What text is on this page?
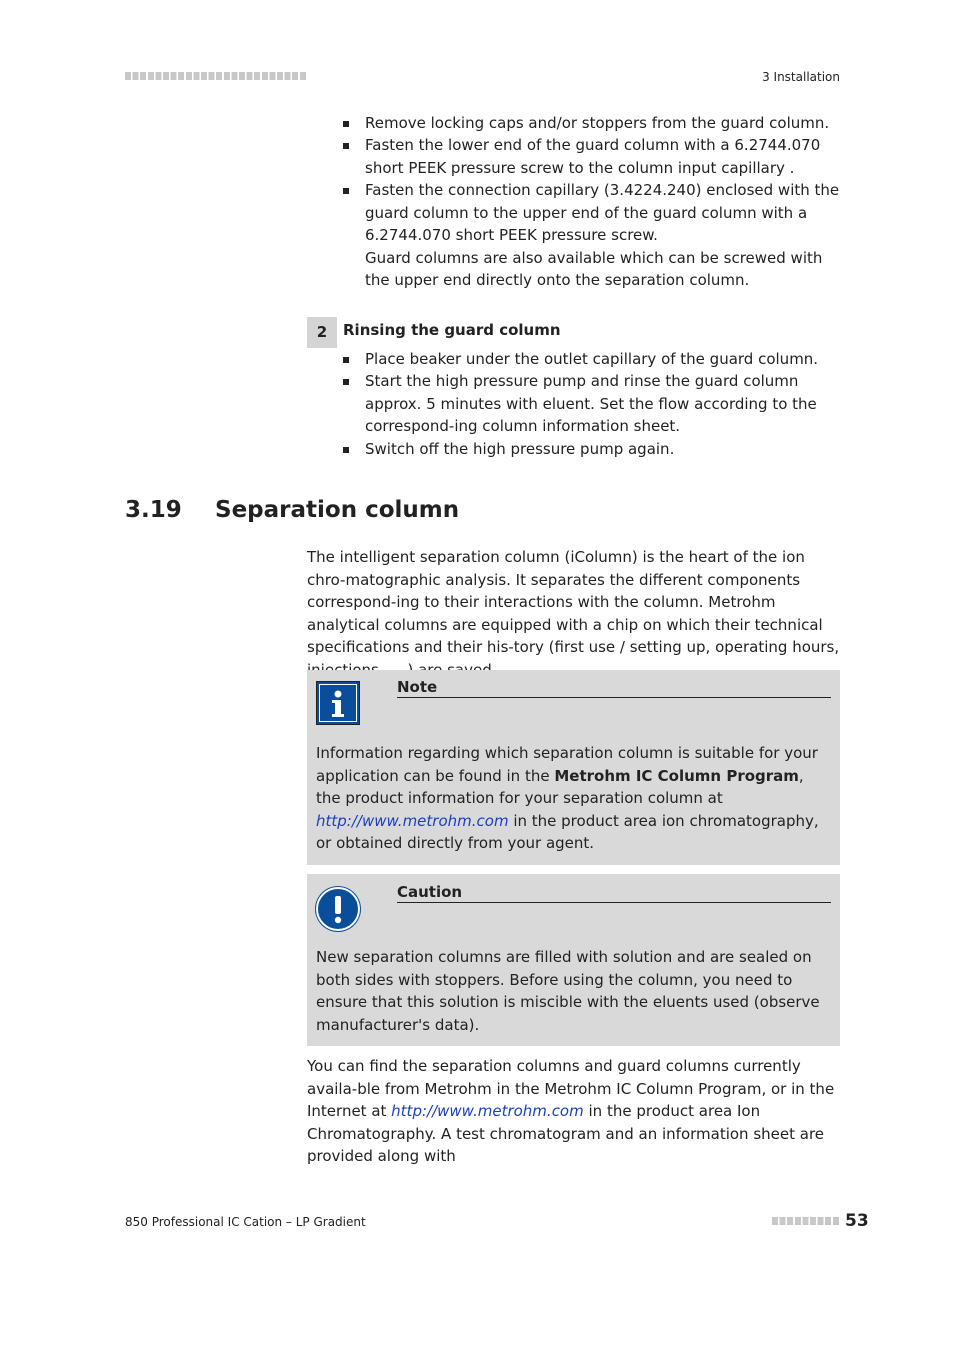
3 Installation
Remove locking caps and/or stoppers from the guard column.
Fasten the lower end of the guard column with a 6.2744.070 short PEEK pressure screw to the column input capillary .
Fasten the connection capillary (3.4224.240) enclosed with the guard column to the upper end of the guard column with a 6.2744.070 short PEEK pressure screw.
Guard columns are also available which can be screwed with the upper end directly onto the separation column.
2	Rinsing the guard column
Place beaker under the outlet capillary of the guard column.
Start the high pressure pump and rinse the guard column approx. 5 minutes with eluent. Set the flow according to the correspond-ing column information sheet.
Switch off the high pressure pump again.
3.19 Separation column

The intelligent separation column (iColumn) is the heart of the ion chro-matographic analysis. It separates the different components correspond-ing to their interactions with the column. Metrohm analytical columns are equipped with a chip on which their technical specifications and their his-tory (first use / setting up, operating hours,

Note

Information regarding which separation column is suitable for your application can be found in the Metrohm IC Column Program, the product information for your separation column at http://www.metrohm.com in the product area ion chromatography, or obtained directly from your agent.

Caution

New separation columns are filled with solution and are sealed on both sides with stoppers. Before using the column, you need to ensure that this solution is miscible with the eluents used (observe manufacturer's data).

You can find the separation columns and guard columns currently availa-ble from Metrohm in the Metrohm IC Column Program, or in the Internet at http://www.metrohm.com in the product area Ion Chromatography. A test chromatogram and an information sheet are provided along with

850 Professional IC Cation – LP Gradient	53
